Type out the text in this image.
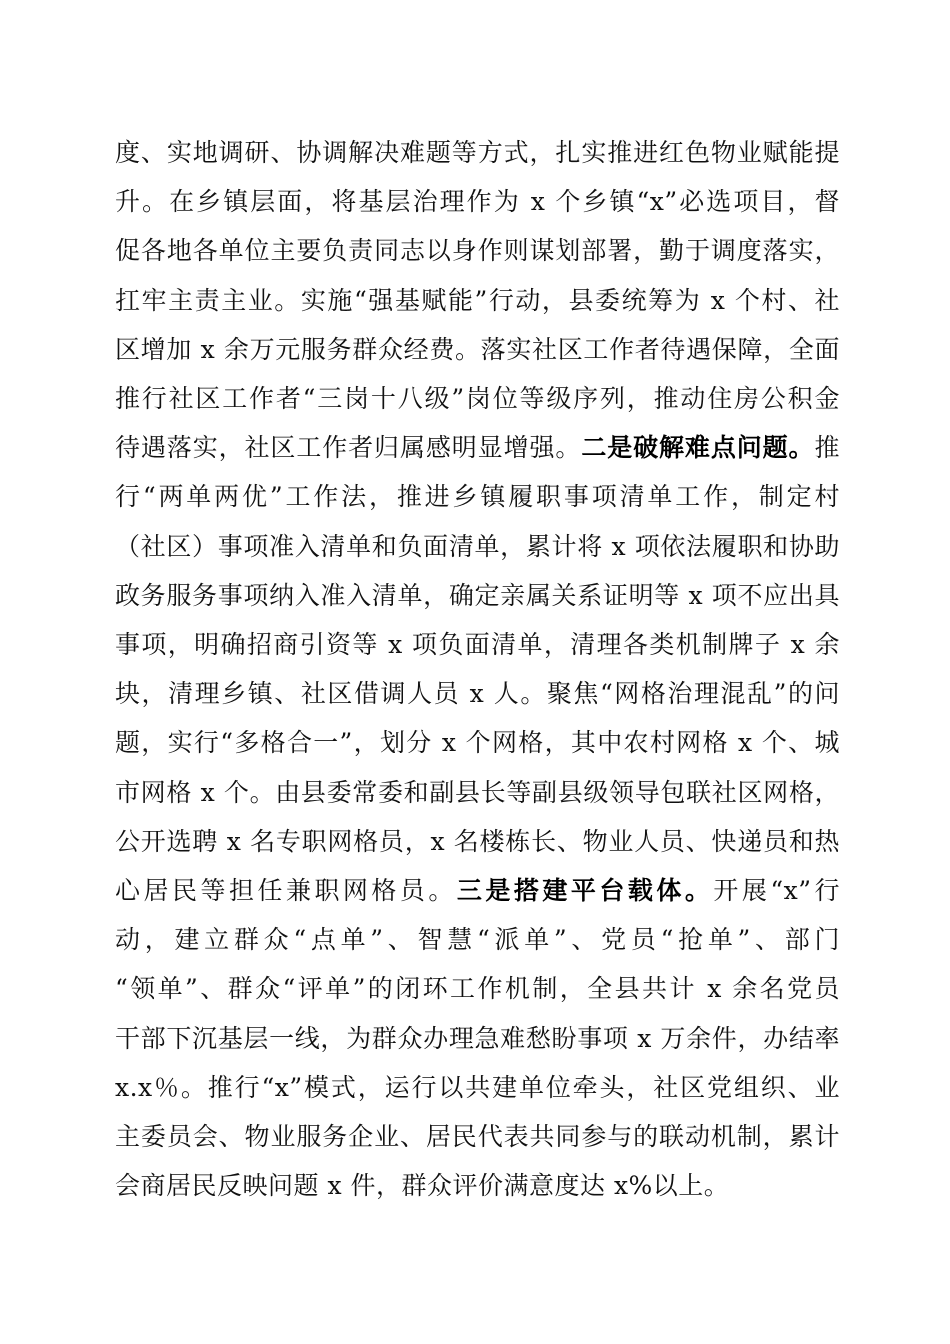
度、实地调研、协调解决难题等方式，扎实推进红色物业赋能提
升。在乡镇层面，将基层治理作为 x 个乡镇“x”必选项目，督
促各地各单位主要负责同志以身作则谋划部署，勤于调度落实，
扛牢主责主业。实施“强基赋能”行动，县委统筹为 x 个村、社
区增加 x 余万元服务群众经费。落实社区工作者待遇保障，全面
推行社区工作者“三岗十八级”岗位等级序列，推动住房公积金
待遇落实，社区工作者归属感明显增强。二是破解难点问题。推
行“两单两优”工作法，推进乡镇履职事项清单工作，制定村
（社区）事项准入清单和负面清单，累计将 x 项依法履职和协助
政务服务事项纳入准入清单，确定亲属关系证明等 x 项不应出具
事项，明确招商引资等 x 项负面清单，清理各类机制牌子 x 余
块，清理乡镇、社区借调人员 x 人。聚焦“网格治理混乱”的问
题，实行“多格合一”，划分 x 个网格，其中农村网格 x 个、城
市网格 x 个。由县委常委和副县长等副县级领导包联社区网格，
公开选聘 x 名专职网格员，x 名楼栋长、物业人员、快递员和热
心居民等担任兼职网格员。三是搭建平台载体。开展“x”行
动，建立群众“点单”、智慧“派单”、党员“抢单”、部门
“领单”、群众“评单”的闭环工作机制，全县共计 x 余名党员
干部下沉基层一线，为群众办理急难愁盼事项 x 万余件，办结率
x.x％。推行“x”模式，运行以共建单位牵头，社区党组织、业
主委员会、物业服务企业、居民代表共同参与的联动机制，累计
会商居民反映问题 x 件，群众评价满意度达 x%以上。
